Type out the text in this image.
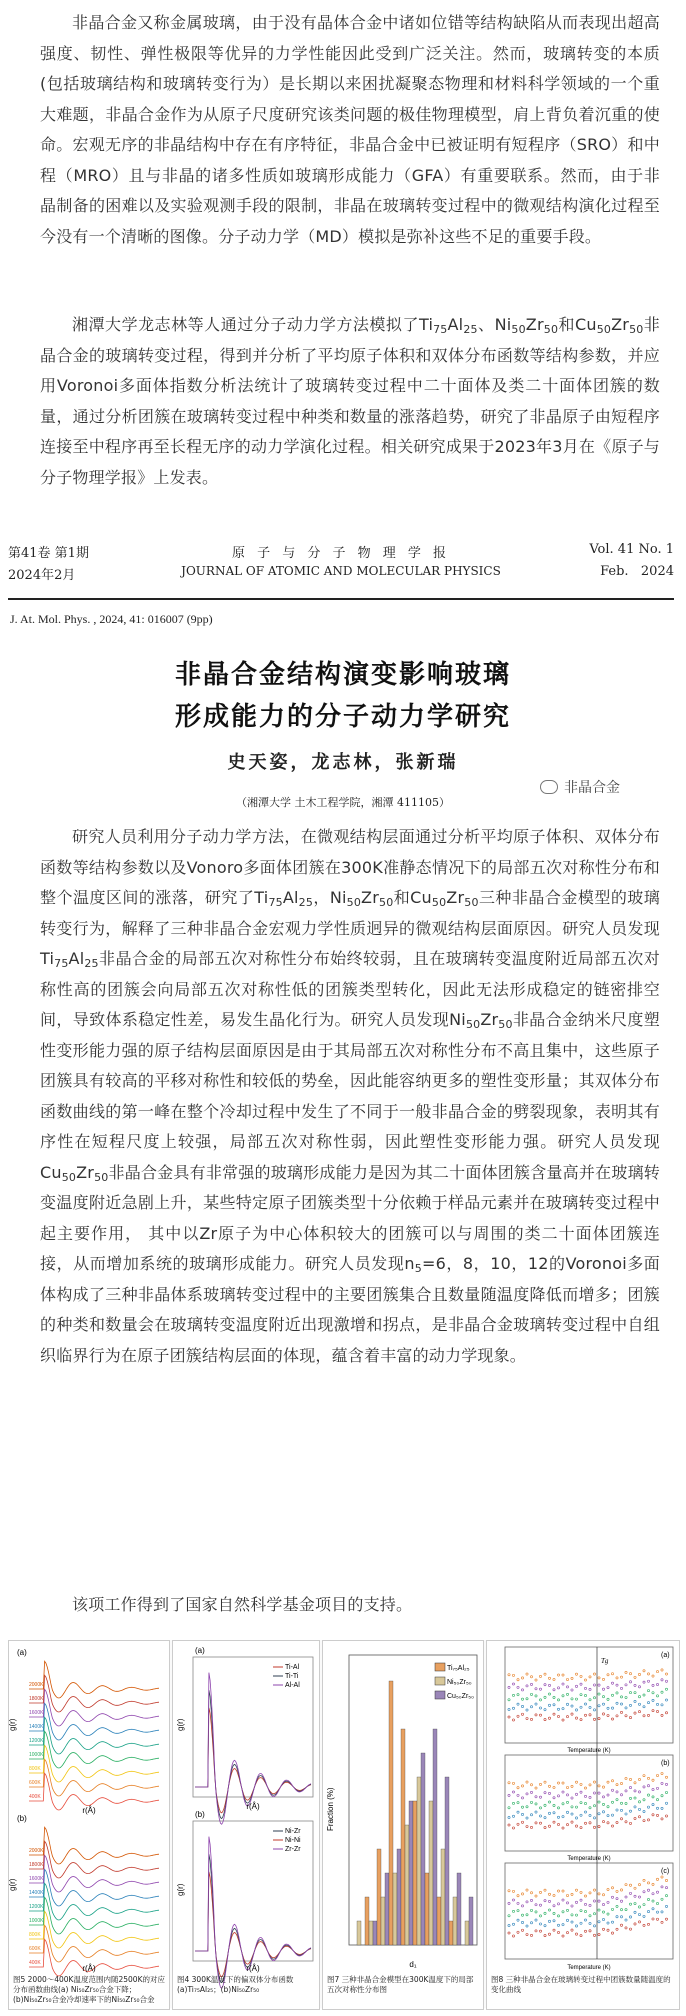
非晶合金又称金属玻璃，由于没有晶体合金中诸如位错等结构缺陷从而表现出超高强度、韧性、弹性极限等优异的力学性能因此受到广泛关注。然而，玻璃转变的本质(包括玻璃结构和玻璃转变行为）是长期以来困扰凝聚态物理和材料科学领域的一个重大难题，非晶合金作为从原子尺度研究该类问题的极佳物理模型，肩上背负着沉重的使命。宏观无序的非晶结构中存在有序特征，非晶合金中已被证明有短程序（SRO）和中程（MRO）且与非晶的诸多性质如玻璃形成能力（GFA）有重要联系。然而，由于非晶制备的困难以及实验观测手段的限制，非晶在玻璃转变过程中的微观结构演化过程至今没有一个清晰的图像。分子动力学（MD）模拟是弥补这些不足的重要手段。

湘潭大学龙志林等人通过分子动力学方法模拟了$Ti_{75}Al_{25}$、$Ni_{50}Zr_{50}$和$Cu_{50}Zr_{50}$非晶合金的玻璃转变过程，得到并分析了平均原子体积和双体分布函数等结构参数，并应用Voronoi多面体指数分析法统计了玻璃转变过程中二十面体及类二十面体团簇的数量，通过分析团簇在玻璃转变过程中种类和数量的涨落趋势，研究了非晶原子由短程序连接至中程序再至长程无序的动力学演化过程。相关研究成果于2023年3月在《原子与分子物理学报》上发表。

第41卷 第1期
2024年2月
原 子 与 分 子 物 理 学 报
JOURNAL OF ATOMIC AND MOLECULAR PHYSICS
Vol. 41 No. 1
Feb.   2024
J. At. Mol. Phys. , 2024, 41: 016007 (9pp)
非晶合金结构演变影响玻璃
形成能力的分子动力学研究
史天姿，龙志林，张新瑞
（湘潭大学 土木工程学院，湘潭 411105）
非晶合金

研究人员利用分子动力学方法，在微观结构层面通过分析平均原子体积、双体分布函数等结构参数以及Vonoro多面体团簇在300K准静态情况下的局部五次对称性分布和整个温度区间的涨落，研究了$Ti_{75}Al_{25}$，$Ni_{50}Zr_{50}$和$Cu_{50}Zr_{50}$三种非晶合金模型的玻璃转变行为，解释了三种非晶合金宏观力学性质迥异的微观结构层面原因。研究人员发现$Ti_{75}Al_{25}$非晶合金的局部五次对称性分布始终较弱，且在玻璃转变温度附近局部五次对称性高的团簇会向局部五次对称性低的团簇类型转化，因此无法形成稳定的链密排空间，导致体系稳定性差，易发生晶化行为。研究人员发现$Ni_{50}Zr_{50}$非晶合金纳米尺度塑性变形能力强的原子结构层面原因是由于其局部五次对称性分布不高且集中，这些原子团簇具有较高的平移对称性和较低的势垒，因此能容纳更多的塑性变形量；其双体分布函数曲线的第一峰在整个冷却过程中发生了不同于一般非晶合金的劈裂现象，表明其有序性在短程尺度上较强，局部五次对称性弱，因此塑性变形能力强。研究人员发现$Cu_{50}Zr_{50}$非晶合金具有非常强的玻璃形成能力是因为其二十面体团簇含量高并在玻璃转变温度附近急剧上升，某些特定原子团簇类型十分依赖于样品元素并在玻璃转变过程中起主要作用， 其中以Zr原子为中心体积较大的团簇可以与周围的类二十面体团簇连接，从而增加系统的玻璃形成能力。研究人员发现$n_5=6$，8，10，12的Voronoi多面体构成了三种非晶体系玻璃转变过程中的主要团簇集合且数量随温度降低而增多；团簇的种类和数量会在玻璃转变温度附近出现激增和拐点，是非晶合金玻璃转变过程中自组织临界行为在原子团簇结构层面的体现，蕴含着丰富的动力学现象。

该项工作得到了国家自然科学基金项目的支持。

400K
600K
800K
1000K
1200K
1400K
1600K
1800K
2000K
400K
600K
800K
1000K
1200K
1400K
1600K
1800K
2000K
(a)
(b)
r(Å)
r(Å)
g(r)
g(r)
图5 2000～400K温度范围内随2500K的对应分布函数曲线(a) Ni₅₀Zr₅₀合金下降；(b)Ni₅₀Zr₅₀合金冷却速率下的Ni₅₀Zr₅₀合金
(a)
(b)
r(Å)
r(Å)
g(r)
g(r)
Ti-Al
Ti-Ti
Al-Al
Ni-Zr
Ni-Ni
Zr-Zr
图4 300K温度下的偏双体分布函数 (a)Ti₇₅Al₂₅；(b)Ni₅₀Zr₅₀
d₁
Fraction (%)
Ti₇₅Al₂₅
Ni₅₀Zr₅₀
Cu₅₀Zr₅₀
图7 三种非晶合金模型在300K温度下的局部五次对称性分布图
(a)
(b)
(c)
Tg
Temperature (K)
Temperature (K)
Temperature (K)
图8 三种非晶合金在玻璃转变过程中团簇数量随温度的变化曲线
